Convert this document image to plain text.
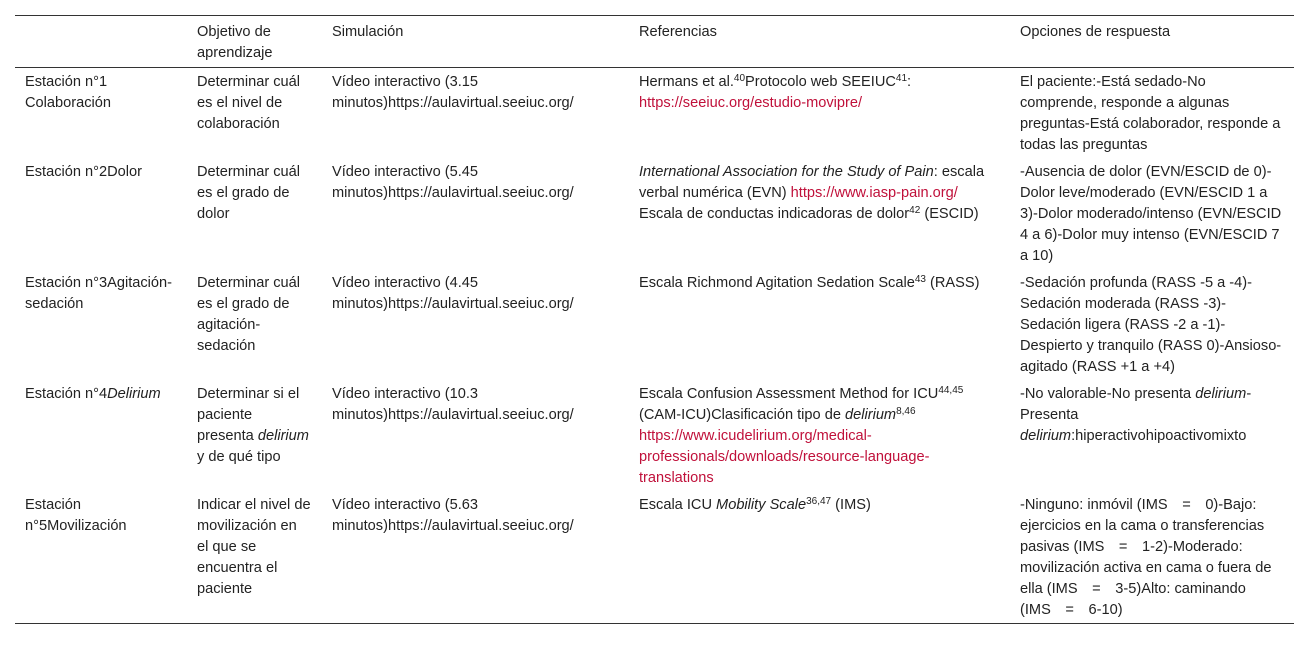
	Objetivo de aprendizaje	Simulación	Referencias	Opciones de respuesta
Estación n°1 Colaboración	Determinar cuál es el nivel de colaboración	Vídeo interactivo (3.15 minutos)https://aulavirtual.seeiuc.org/	Hermans et al.$^{40}$Protocolo web SEEIUC$^{41}$: https://seeiuc.org/estudio-movipre/	El paciente:-Está sedado-No comprende, responde a algunas preguntas-Está colaborador, responde a todas las preguntas
Estación n°2Dolor	Determinar cuál es el grado de dolor	Vídeo interactivo (5.45 minutos)https://aulavirtual.seeiuc.org/	International Association for the Study of Pain: escala verbal numérica (EVN) https://www.iasp-pain.org/ Escala de conductas indicadoras de dolor$^{42}$ (ESCID)	-Ausencia de dolor (EVN/ESCID de 0)-Dolor leve/moderado (EVN/ESCID 1 a 3)-Dolor moderado/intenso (EVN/ESCID 4 a 6)-Dolor muy intenso (EVN/ESCID 7 a 10)
Estación n°3Agitación-sedación	Determinar cuál es el grado de agitación-sedación	Vídeo interactivo (4.45 minutos)https://aulavirtual.seeiuc.org/	Escala Richmond Agitation Sedation Scale$^{43}$ (RASS)	-Sedación profunda (RASS -5 a -4)-Sedación moderada (RASS -3)-Sedación ligera (RASS -2 a -1)-Despierto y tranquilo (RASS 0)-Ansioso-agitado (RASS +1 a +4)
Estación n°4Delirium	Determinar si el paciente presenta delirium y de qué tipo	Vídeo interactivo (10.3 minutos)https://aulavirtual.seeiuc.org/	Escala Confusion Assessment Method for ICU$^{44,45}$ (CAM-ICU)Clasificación tipo de delirium$^{8,46}$ https://www.icudelirium.org/medical-professionals/downloads/resource-language-translations	-No valorable-No presenta delirium-Presenta delirium:hiperactivohipoactivomixto
Estación n°5Movilización	Indicar el nivel de movilización en el que se encuentra el paciente	Vídeo interactivo (5.63 minutos)https://aulavirtual.seeiuc.org/	Escala ICU Mobility Scale$^{36,47}$ (IMS)	-Ninguno: inmóvil (IMS = 0)-Bajo: ejercicios en la cama o transferencias pasivas (IMS = 1-2)-Moderado: movilización activa en cama o fuera de ella (IMS = 3-5)Alto: caminando (IMS = 6-10)
